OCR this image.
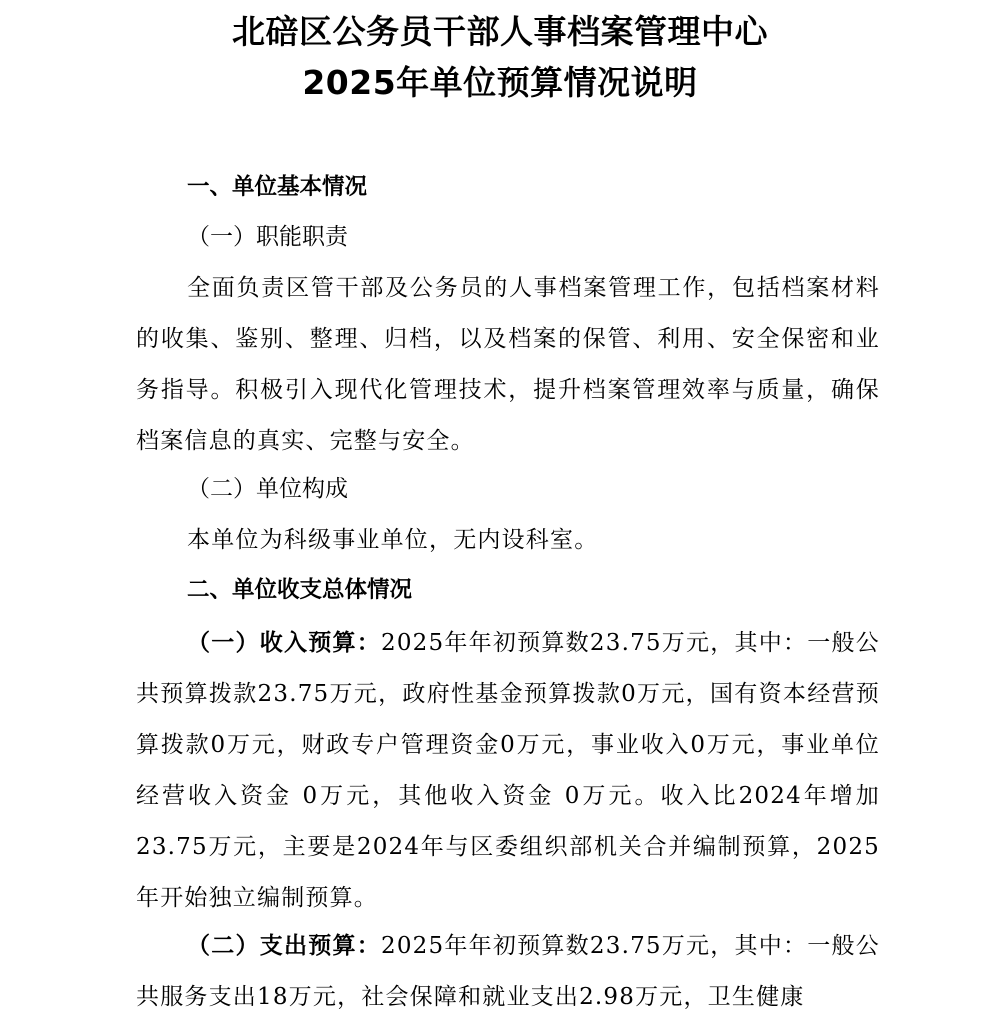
北碚区公务员干部人事档案管理中心
2025年单位预算情况说明
一、单位基本情况
（一）职能职责

全面负责区管干部及公务员的人事档案管理工作，包括档案材料的收集、鉴别、整理、归档，以及档案的保管、利用、安全保密和业务指导。积极引入现代化管理技术，提升档案管理效率与质量，确保档案信息的真实、完整与安全。

（二）单位构成

本单位为科级事业单位，无内设科室。

二、单位收支总体情况

（一）收入预算：2025年年初预算数23.75万元，其中：一般公共预算拨款23.75万元，政府性基金预算拨款0万元，国有资本经营预算拨款0万元，财政专户管理资金0万元，事业收入0万元，事业单位经营收入资金 0万元，其他收入资金 0万元。收入比2024年增加23.75万元，主要是2024年与区委组织部机关合并编制预算，2025年开始独立编制预算。

（二）支出预算：2025年年初预算数23.75万元，其中：一般公共服务支出18万元，社会保障和就业支出2.98万元，卫生健康
